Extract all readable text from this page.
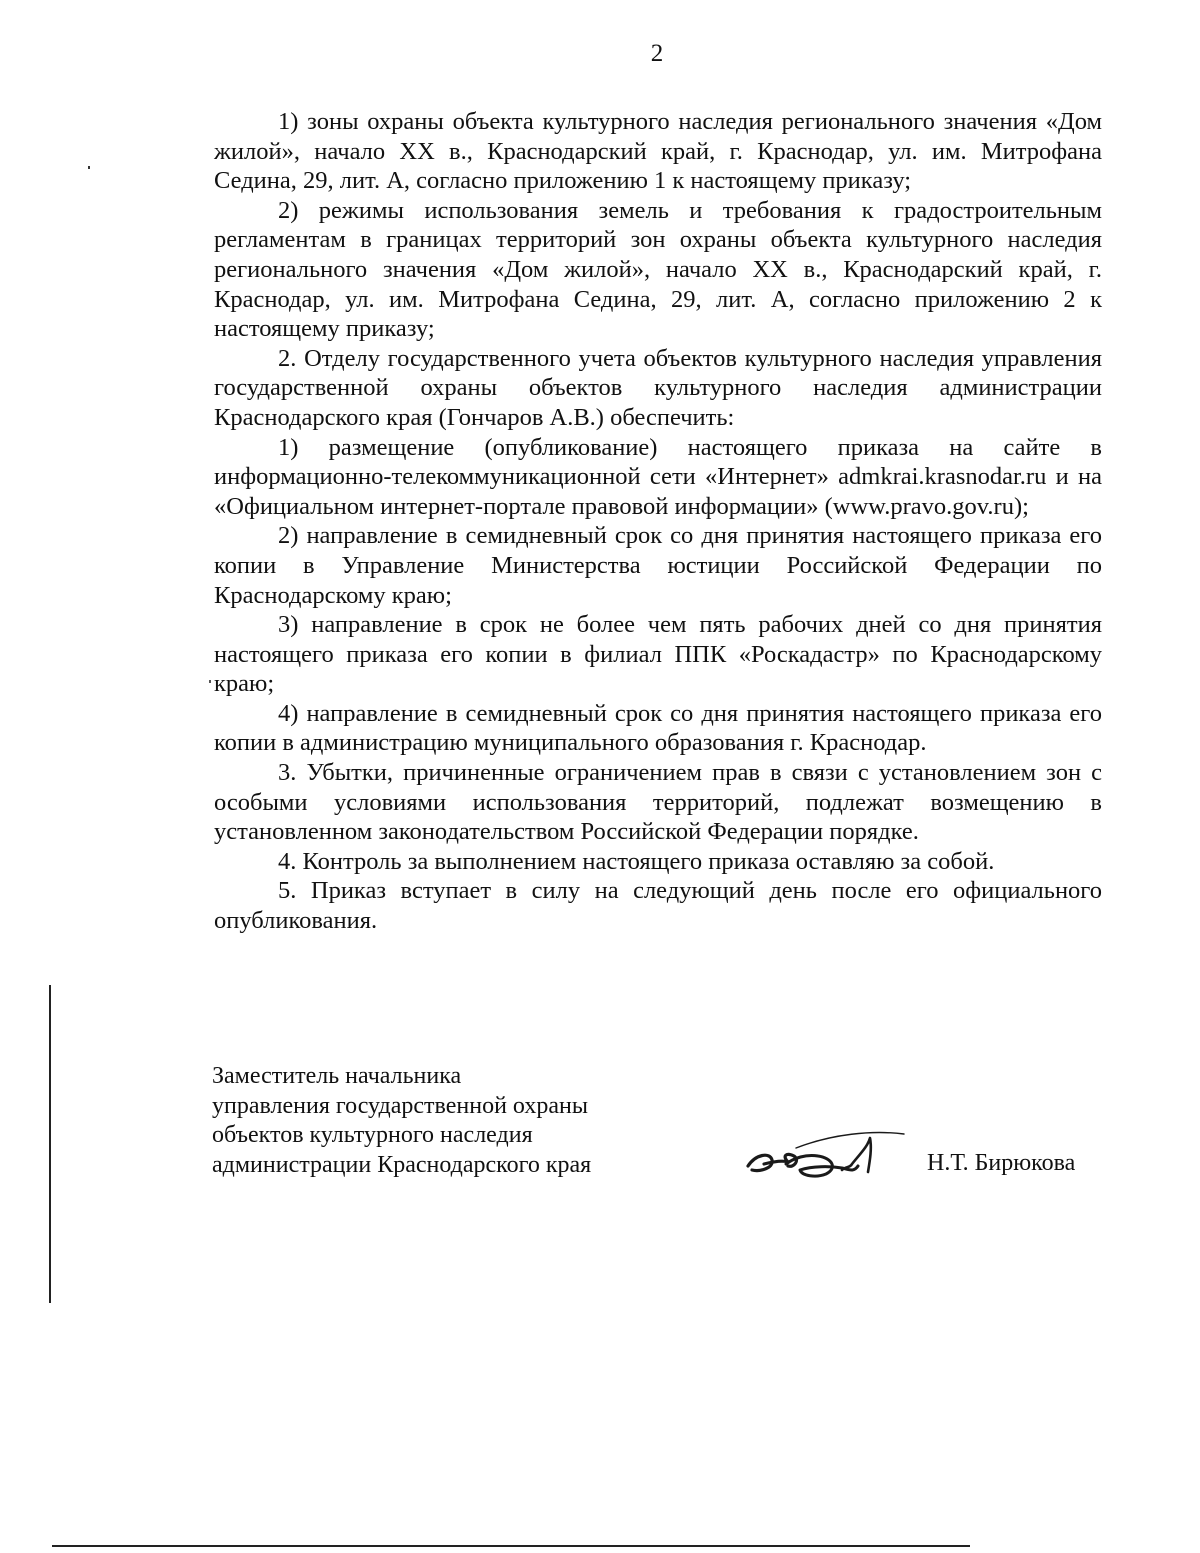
2

1) зоны охраны объекта культурного наследия регионального значения «Дом жилой», начало XX в., Краснодарский край, г. Краснодар, ул. им. Митрофана Седина, 29, лит. А, согласно приложению 1 к настоящему приказу;

2) режимы использования земель и требования к градостроительным регламентам в границах территорий зон охраны объекта культурного наследия регионального значения «Дом жилой», начало XX в., Краснодарский край, г. Краснодар, ул. им. Митрофана Седина, 29, лит. А, согласно приложению 2 к настоящему приказу;

2. Отделу государственного учета объектов культурного наследия управления государственной охраны объектов культурного наследия администрации Краснодарского края (Гончаров А.В.) обеспечить:

1) размещение (опубликование) настоящего приказа на сайте в информационно-телекоммуникационной сети «Интернет» admkrai.krasnodar.ru и на «Официальном интернет-портале правовой информации» (www.pravo.gov.ru);

2) направление в семидневный срок со дня принятия настоящего приказа его копии в Управление Министерства юстиции Российской Федерации по Краснодарскому краю;

3) направление в срок не более чем пять рабочих дней со дня принятия настоящего приказа его копии в филиал ППК «Роскадастр» по Краснодарскому краю;

4) направление в семидневный срок со дня принятия настоящего приказа его копии в администрацию муниципального образования г. Краснодар.

3. Убытки, причиненные ограничением прав в связи с установлением зон с особыми условиями использования территорий, подлежат возмещению в установленном законодательством Российской Федерации порядке.

4. Контроль за выполнением настоящего приказа оставляю за собой.

5. Приказ вступает в силу на следующий день после его официального опубликования.

Заместитель начальника
управления государственной охраны
объектов культурного наследия
администрации Краснодарского края	Н.Т. Бирюкова
